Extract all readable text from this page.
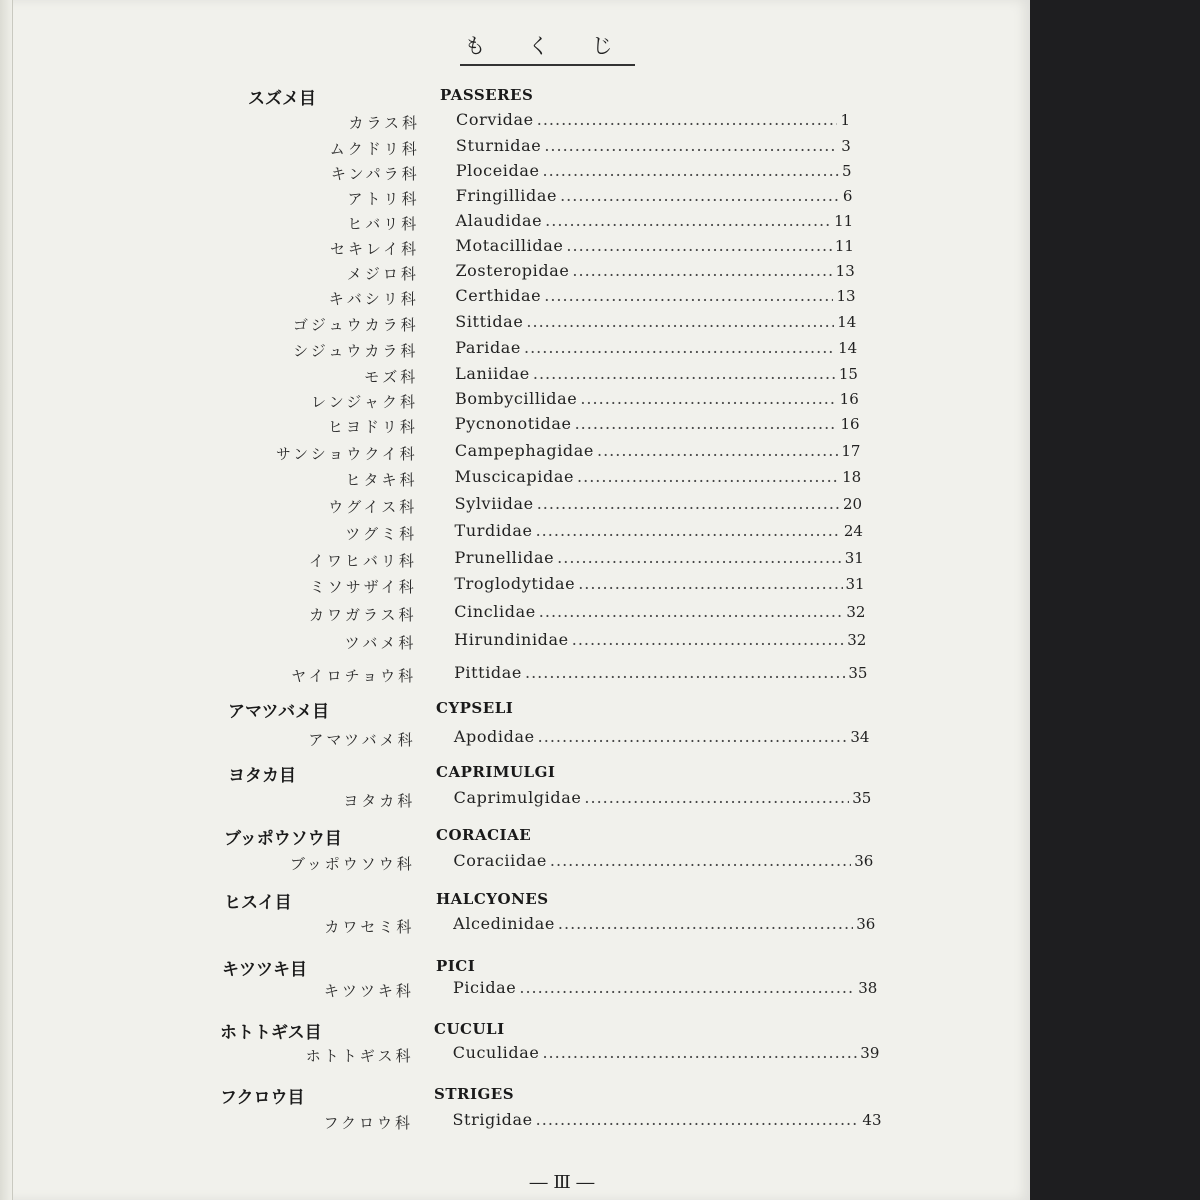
も く じ
スズメ目	PASSERES
カラス科 Corvidae .....	1
ムクドリ科 Sturnidae .....	3
キンパラ科 Ploceidae .....	5
アトリ科 Fringillidae .....	6
ヒバリ科 Alaudidae .....	11
セキレイ科 Motacillidae .....	11
メジロ科 Zosteropidae .....	13
キバシリ科 Certhidae .....	13
ゴジュウカラ科 Sittidae .....	14
シジュウカラ科 Paridae .....	14
モズ科 Laniidae .....	15
レンジャク科 Bombycillidae .....	16
ヒヨドリ科 Pycnonotidae .....	16
サンショウクイ科 Campephagidae .....	17
ヒタキ科 Muscicapidae .....	18
ウグイス科 Sylviidae .....	20
ツグミ科 Turdidae .....	24
イワヒバリ科 Prunellidae .....	31
ミソサザイ科 Troglodytidae .....	31
カワガラス科 Cinclidae .....	32
ツバメ科 Hirundinidae .....	32
ヤイロチョウ科 Pittidae .....	35
アマツバメ目	CYPSELI
アマツバメ科 Apodidae .....	34
ヨタカ目	CAPRIMULGI
ヨタカ科 Caprimulgidae .....	35
ブッポウソウ目	CORACIAE
ブッポウソウ科 Coraciidae .....	36
ヒスイ目	HALCYONES
カワセミ科 Alcedinidae .....	36
キツツキ目	PICI
キツツキ科 Picidae .....	38
ホトトギス目	CUCULI
ホトトギス科 Cuculidae .....	39
フクロウ目	STRIGES
フクロウ科 Strigidae .....	43
― Ⅲ ―
